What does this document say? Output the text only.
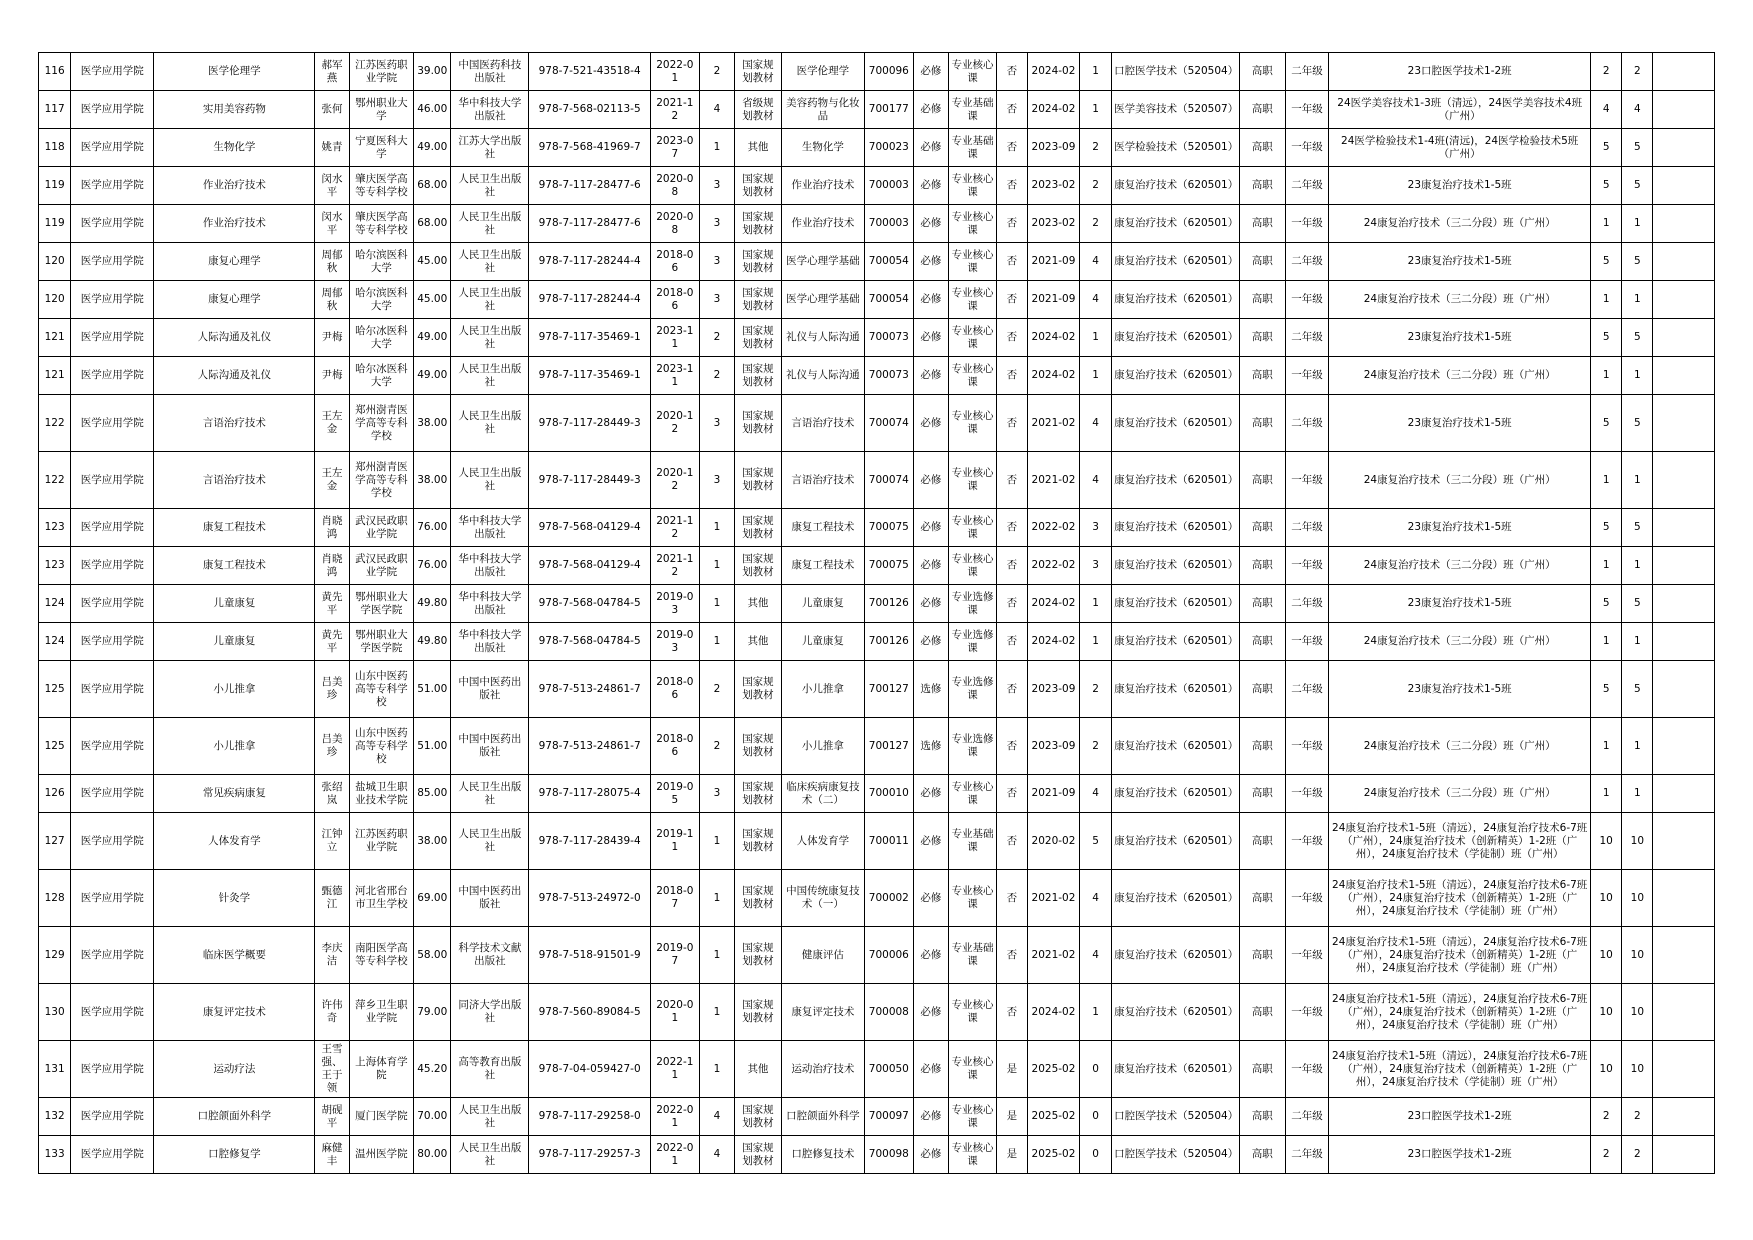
116	医学应用学院	医学伦理学	郝军燕	江苏医药职业学院	39.00	中国医药科技出版社	978-7-521-43518-4	2022-01	2	国家规划教材	医学伦理学	700096	必修	专业核心课	否	2024-02	1	口腔医学技术（520504）	高职	二年级	23口腔医学技术1-2班	2	2	
117	医学应用学院	实用美容药物	张何	鄂州职业大学	46.00	华中科技大学出版社	978-7-568-02113-5	2021-12	4	省级规划教材	美容药物与化妆品	700177	必修	专业基础课	否	2024-02	1	医学美容技术（520507）	高职	一年级	24医学美容技术1-3班（清远），24医学美容技术4班（广州）	4	4	
118	医学应用学院	生物化学	姚青	宁夏医科大学	49.00	江苏大学出版社	978-7-568-41969-7	2023-07	1	其他	生物化学	700023	必修	专业基础课	否	2023-09	2	医学检验技术（520501）	高职	一年级	24医学检验技术1-4班(清远)，24医学检验技术5班（广州）	5	5	
119	医学应用学院	作业治疗技术	闵水平	肇庆医学高等专科学校	68.00	人民卫生出版社	978-7-117-28477-6	2020-08	3	国家规划教材	作业治疗技术	700003	必修	专业核心课	否	2023-02	2	康复治疗技术（620501）	高职	二年级	23康复治疗技术1-5班	5	5	
119	医学应用学院	作业治疗技术	闵水平	肇庆医学高等专科学校	68.00	人民卫生出版社	978-7-117-28477-6	2020-08	3	国家规划教材	作业治疗技术	700003	必修	专业核心课	否	2023-02	2	康复治疗技术（620501）	高职	一年级	24康复治疗技术（三二分段）班（广州）	1	1	
120	医学应用学院	康复心理学	周郁秋	哈尔滨医科大学	45.00	人民卫生出版社	978-7-117-28244-4	2018-06	3	国家规划教材	医学心理学基础	700054	必修	专业核心课	否	2021-09	4	康复治疗技术（620501）	高职	二年级	23康复治疗技术1-5班	5	5	
120	医学应用学院	康复心理学	周郁秋	哈尔滨医科大学	45.00	人民卫生出版社	978-7-117-28244-4	2018-06	3	国家规划教材	医学心理学基础	700054	必修	专业核心课	否	2021-09	4	康复治疗技术（620501）	高职	一年级	24康复治疗技术（三二分段）班（广州）	1	1	
121	医学应用学院	人际沟通及礼仪	尹梅	哈尔冰医科大学	49.00	人民卫生出版社	978-7-117-35469-1	2023-11	2	国家规划教材	礼仪与人际沟通	700073	必修	专业核心课	否	2024-02	1	康复治疗技术（620501）	高职	二年级	23康复治疗技术1-5班	5	5	
121	医学应用学院	人际沟通及礼仪	尹梅	哈尔冰医科大学	49.00	人民卫生出版社	978-7-117-35469-1	2023-11	2	国家规划教材	礼仪与人际沟通	700073	必修	专业核心课	否	2024-02	1	康复治疗技术（620501）	高职	一年级	24康复治疗技术（三二分段）班（广州）	1	1	
122	医学应用学院	言语治疗技术	王左金	郑州澍青医学高等专科学校	38.00	人民卫生出版社	978-7-117-28449-3	2020-12	3	国家规划教材	言语治疗技术	700074	必修	专业核心课	否	2021-02	4	康复治疗技术（620501）	高职	二年级	23康复治疗技术1-5班	5	5	
122	医学应用学院	言语治疗技术	王左金	郑州澍青医学高等专科学校	38.00	人民卫生出版社	978-7-117-28449-3	2020-12	3	国家规划教材	言语治疗技术	700074	必修	专业核心课	否	2021-02	4	康复治疗技术（620501）	高职	一年级	24康复治疗技术（三二分段）班（广州）	1	1	
123	医学应用学院	康复工程技术	肖晓鸿	武汉民政职业学院	76.00	华中科技大学出版社	978-7-568-04129-4	2021-12	1	国家规划教材	康复工程技术	700075	必修	专业核心课	否	2022-02	3	康复治疗技术（620501）	高职	二年级	23康复治疗技术1-5班	5	5	
123	医学应用学院	康复工程技术	肖晓鸿	武汉民政职业学院	76.00	华中科技大学出版社	978-7-568-04129-4	2021-12	1	国家规划教材	康复工程技术	700075	必修	专业核心课	否	2022-02	3	康复治疗技术（620501）	高职	一年级	24康复治疗技术（三二分段）班（广州）	1	1	
124	医学应用学院	儿童康复	黄先平	鄂州职业大学医学院	49.80	华中科技大学出版社	978-7-568-04784-5	2019-03	1	其他	儿童康复	700126	必修	专业选修课	否	2024-02	1	康复治疗技术（620501）	高职	二年级	23康复治疗技术1-5班	5	5	
124	医学应用学院	儿童康复	黄先平	鄂州职业大学医学院	49.80	华中科技大学出版社	978-7-568-04784-5	2019-03	1	其他	儿童康复	700126	必修	专业选修课	否	2024-02	1	康复治疗技术（620501）	高职	一年级	24康复治疗技术（三二分段）班（广州）	1	1	
125	医学应用学院	小儿推拿	吕美珍	山东中医药高等专科学校	51.00	中国中医药出版社	978-7-513-24861-7	2018-06	2	国家规划教材	小儿推拿	700127	选修	专业选修课	否	2023-09	2	康复治疗技术（620501）	高职	二年级	23康复治疗技术1-5班	5	5	
125	医学应用学院	小儿推拿	吕美珍	山东中医药高等专科学校	51.00	中国中医药出版社	978-7-513-24861-7	2018-06	2	国家规划教材	小儿推拿	700127	选修	专业选修课	否	2023-09	2	康复治疗技术（620501）	高职	一年级	24康复治疗技术（三二分段）班（广州）	1	1	
126	医学应用学院	常见疾病康复	张绍岚	盐城卫生职业技术学院	85.00	人民卫生出版社	978-7-117-28075-4	2019-05	3	国家规划教材	临床疾病康复技术（二）	700010	必修	专业核心课	否	2021-09	4	康复治疗技术（620501）	高职	一年级	24康复治疗技术（三二分段）班（广州）	1	1	
127	医学应用学院	人体发育学	江钟立	江苏医药职业学院	38.00	人民卫生出版社	978-7-117-28439-4	2019-11	1	国家规划教材	人体发育学	700011	必修	专业基础课	否	2020-02	5	康复治疗技术（620501）	高职	一年级	24康复治疗技术1-5班（清远），24康复治疗技术6-7班（广州），24康复治疗技术（创新精英）1-2班（广州），24康复治疗技术（学徒制）班（广州）	10	10	
128	医学应用学院	针灸学	甄德江	河北省邢台市卫生学校	69.00	中国中医药出版社	978-7-513-24972-0	2018-07	1	国家规划教材	中国传统康复技术（一）	700002	必修	专业核心课	否	2021-02	4	康复治疗技术（620501）	高职	一年级	24康复治疗技术1-5班（清远），24康复治疗技术6-7班（广州），24康复治疗技术（创新精英）1-2班（广州），24康复治疗技术（学徒制）班（广州）	10	10	
129	医学应用学院	临床医学概要	李庆洁	南阳医学高等专科学校	58.00	科学技术文献出版社	978-7-518-91501-9	2019-07	1	国家规划教材	健康评估	700006	必修	专业基础课	否	2021-02	4	康复治疗技术（620501）	高职	一年级	24康复治疗技术1-5班（清远），24康复治疗技术6-7班（广州），24康复治疗技术（创新精英）1-2班（广州），24康复治疗技术（学徒制）班（广州）	10	10	
130	医学应用学院	康复评定技术	许伟奇	萍乡卫生职业学院	79.00	同济大学出版社	978-7-560-89084-5	2020-01	1	国家规划教材	康复评定技术	700008	必修	专业核心课	否	2024-02	1	康复治疗技术（620501）	高职	一年级	24康复治疗技术1-5班（清远），24康复治疗技术6-7班（广州），24康复治疗技术（创新精英）1-2班（广州），24康复治疗技术（学徒制）班（广州）	10	10	
131	医学应用学院	运动疗法	王雪强、王于领	上海体育学院	45.20	高等教育出版社	978-7-04-059427-0	2022-11	1	其他	运动治疗技术	700050	必修	专业核心课	是	2025-02	0	康复治疗技术（620501）	高职	一年级	24康复治疗技术1-5班（清远），24康复治疗技术6-7班（广州），24康复治疗技术（创新精英）1-2班（广州），24康复治疗技术（学徒制）班（广州）	10	10	
132	医学应用学院	口腔颌面外科学	胡砚平	厦门医学院	70.00	人民卫生出版社	978-7-117-29258-0	2022-01	4	国家规划教材	口腔颌面外科学	700097	必修	专业核心课	是	2025-02	0	口腔医学技术（520504）	高职	二年级	23口腔医学技术1-2班	2	2	
133	医学应用学院	口腔修复学	麻健丰	温州医学院	80.00	人民卫生出版社	978-7-117-29257-3	2022-01	4	国家规划教材	口腔修复技术	700098	必修	专业核心课	是	2025-02	0	口腔医学技术（520504）	高职	二年级	23口腔医学技术1-2班	2	2	
